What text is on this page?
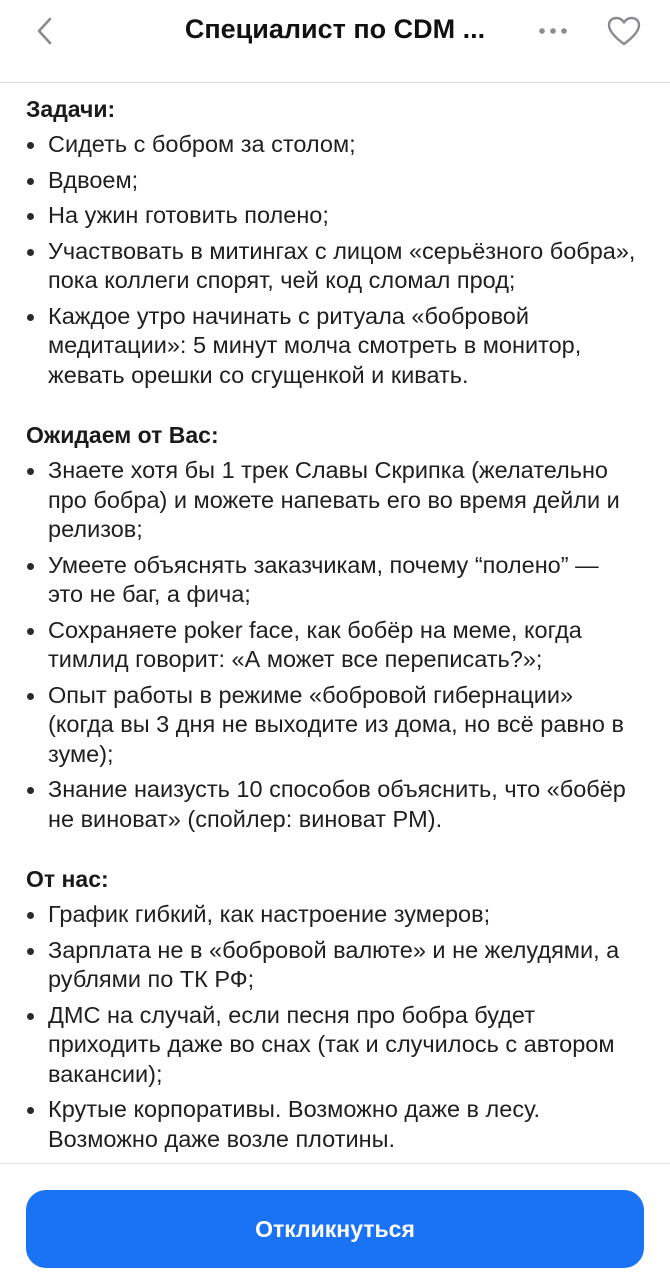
Специалист по CDM ...

Задачи:

Сидеть с бобром за столом;
Вдвоем;
На ужин готовить полено;
Участвовать в митингах с лицом «серьёзного бобра», пока коллеги спорят, чей код сломал прод;
Каждое утро начинать с ритуала «бобровой медитации»: 5 минут молча смотреть в монитор, жевать орешки со сгущенкой и кивать.

Ожидаем от Вас:

Знаете хотя бы 1 трек Славы Скрипка (желательно про бобра) и можете напевать его во время дейли и релизов;
Умеете объяснять заказчикам, почему “полено” — это не баг, а фича;
Сохраняете poker face, как бобёр на меме, когда тимлид говорит: «А может все переписать?»;
Опыт работы в режиме «бобровой гибернации» (когда вы 3 дня не выходите из дома, но всё равно в зуме);
Знание наизусть 10 способов объяснить, что «бобёр не виноват» (спойлер: виноват PM).

От нас:

График гибкий, как настроение зумеров;
Зарплата не в «бобровой валюте» и не желудями, а рублями по ТК РФ;
ДМС на случай, если песня про бобра будет приходить даже во снах (так и случилось с автором вакансии);
Крутые корпоративы. Возможно даже в лесу. Возможно даже возле плотины.
Откликнуться
